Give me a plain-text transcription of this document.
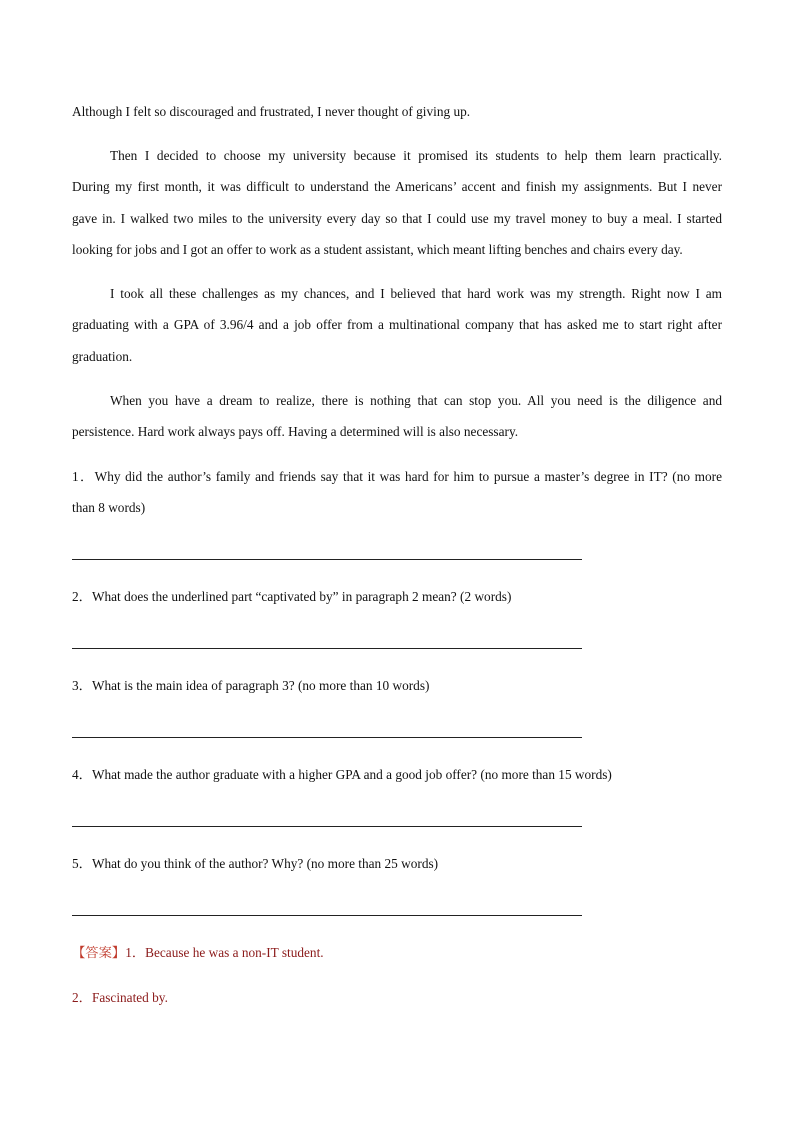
Although I felt so discouraged and frustrated, I never thought of giving up.
Then I decided to choose my university because it promised its students to help them learn practically.
During my first month, it was difficult to understand the Americans’ accent and finish my assignments. But I never
gave in. I walked two miles to the university every day so that I could use my travel money to buy a meal. I started
looking for jobs and I got an offer to work as a student assistant, which meant lifting benches and chairs every day.
I took all these challenges as my chances, and I believed that hard work was my strength. Right now I am
graduating with a GPA of 3.96/4 and a job offer from a multinational company that has asked me to start right after
graduation.
When you have a dream to realize, there is nothing that can stop you. All you need is the diligence and
persistence. Hard work always pays off. Having a determined will is also necessary.
1．Why did the author’s family and friends say that it was hard for him to pursue a master’s degree in IT? (no more
than 8 words)
2．What does the underlined part “captivated by” in paragraph 2 mean? (2 words)
3．What is the main idea of paragraph 3? (no more than 10 words)
4．What made the author graduate with a higher GPA and a good job offer? (no more than 15 words)
5．What do you think of the author? Why? (no more than 25 words)
【答案】1．Because he was a non-IT student.
2．Fascinated by.
